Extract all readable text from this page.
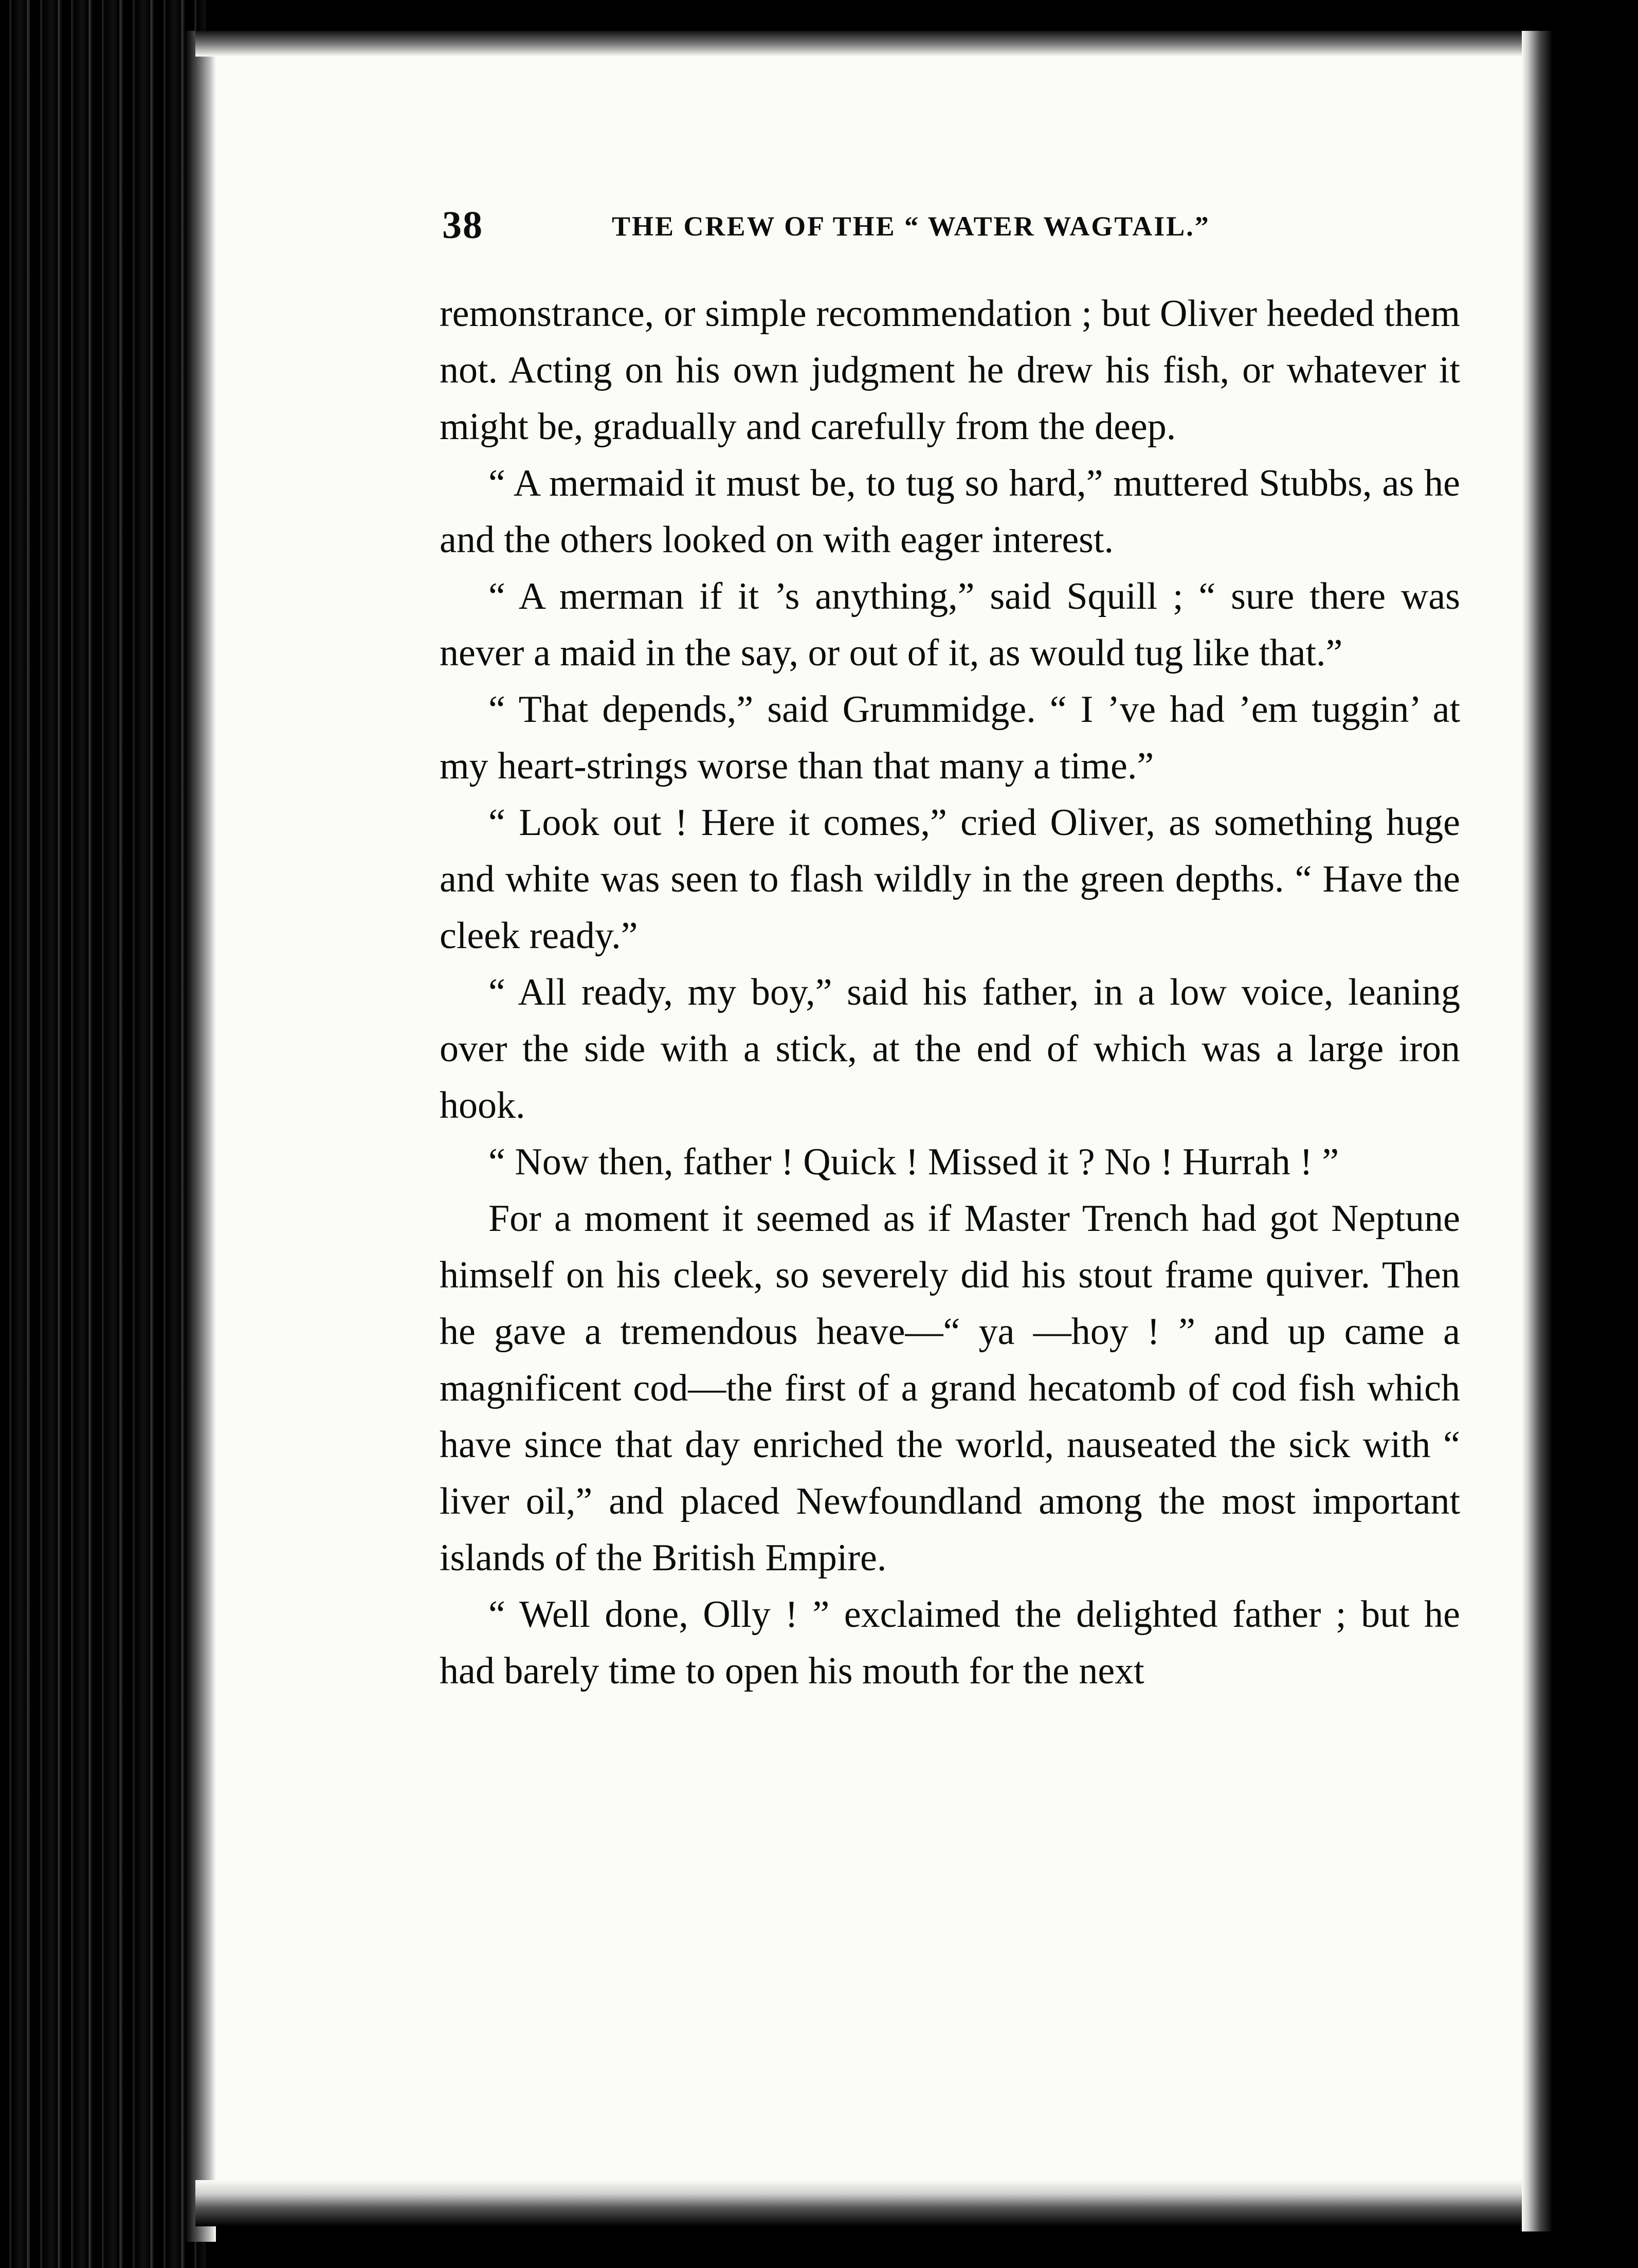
38	THE CREW OF THE “ WATER WAGTAIL.”

remonstrance, or simple recommendation ; but Oliver heeded them not. Acting on his own judgment he drew his fish, or whatever it might be, gradually and carefully from the deep.

“ A mermaid it must be, to tug so hard,” muttered Stubbs, as he and the others looked on with eager interest.

“ A merman if it ’s anything,” said Squill ; “ sure there was never a maid in the say, or out of it, as would tug like that.”

“ That depends,” said Grummidge. “ I ’ve had ’em tuggin’ at my heart-strings worse than that many a time.”

“ Look out ! Here it comes,” cried Oliver, as something huge and white was seen to flash wildly in the green depths. “ Have the cleek ready.”

“ All ready, my boy,” said his father, in a low voice, leaning over the side with a stick, at the end of which was a large iron hook.

“ Now then, father ! Quick ! Missed it ? No ! Hurrah ! ”

For a moment it seemed as if Master Trench had got Neptune himself on his cleek, so severely did his stout frame quiver. Then he gave a tremendous heave—“ ya —hoy ! ” and up came a magnificent cod—the first of a grand hecatomb of cod fish which have since that day enriched the world, nauseated the sick with “ liver oil,” and placed Newfoundland among the most important islands of the British Empire.

“ Well done, Olly ! ” exclaimed the delighted father ; but he had barely time to open his mouth for the next
